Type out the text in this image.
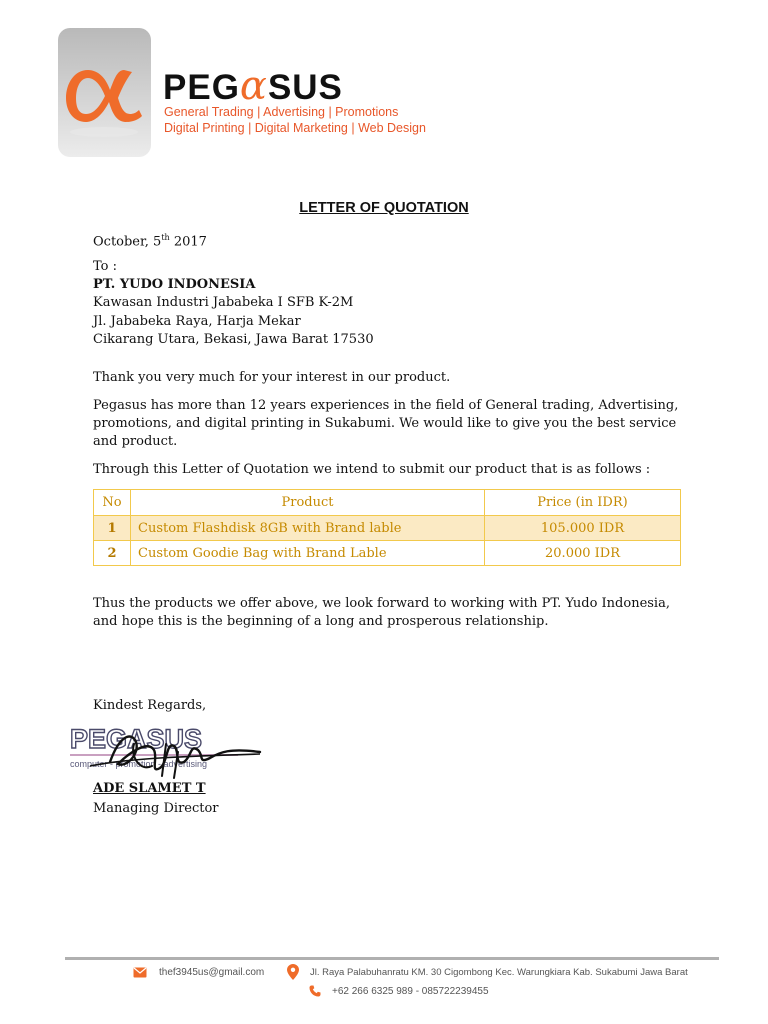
PEGαSUS
General Trading | Advertising | Promotions
Digital Printing | Digital Marketing | Web Design
LETTER OF QUOTATION
October, 5th 2017
To :
PT. YUDO INDONESIA
Kawasan Industri Jababeka I SFB K-2M
Jl. Jababeka Raya, Harja Mekar
Cikarang Utara, Bekasi, Jawa Barat 17530
Thank you very much for your interest in our product.
Pegasus has more than 12 years experiences in the field of General trading, Advertising,
promotions, and digital printing in Sukabumi. We would like to give you the best service
and product.
Through this Letter of Quotation we intend to submit our product that is as follows :
No	Product	Price (in IDR)
1	Custom Flashdisk 8GB with Brand lable	105.000 IDR
2	Custom Goodie Bag with Brand Lable	20.000 IDR
Thus the products we offer above, we look forward to working with PT. Yudo Indonesia,
and hope this is the beginning of a long and prosperous relationship.
Kindest Regards,
PEGASUS
computer - promotion - advertising
ADE SLAMET T
Managing Director
thef3945us@gmail.com	Jl. Raya Palabuhanratu KM. 30 Cigombong Kec. Warungkiara Kab. Sukabumi Jawa Barat
+62 266 6325 989 - 085722239455
